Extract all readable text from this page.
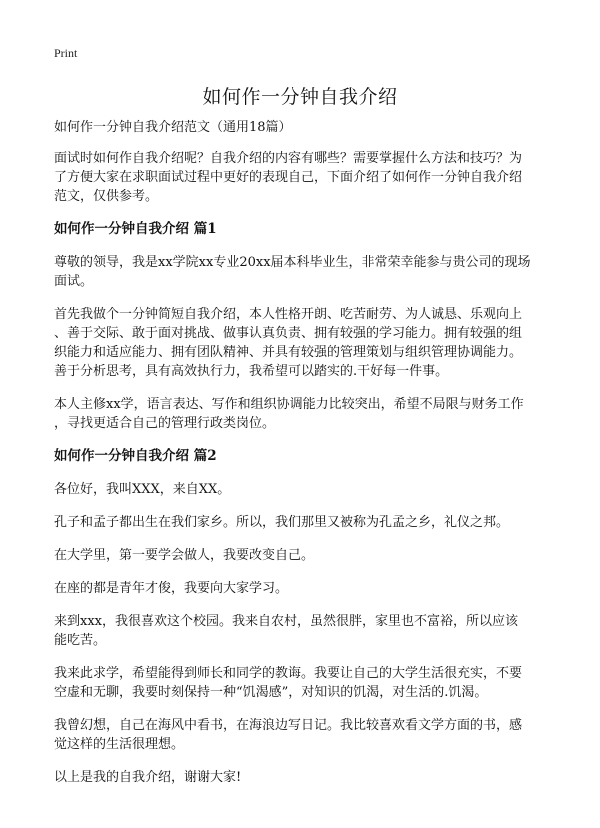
Print
如何作一分钟自我介绍
如何作一分钟自我介绍范文（通用18篇）
面试时如何作自我介绍呢？自我介绍的内容有哪些？需要掌握什么方法和技巧？为
了方便大家在求职面试过程中更好的表现自己，下面介绍了如何作一分钟自我介绍
范文，仅供参考。
如何作一分钟自我介绍 篇1
尊敬的领导，我是xx学院xx专业20xx届本科毕业生，非常荣幸能参与贵公司的现场
面试。
首先我做个一分钟简短自我介绍，本人性格开朗、吃苦耐劳、为人诚恳、乐观向上
、善于交际、敢于面对挑战、做事认真负责、拥有较强的学习能力。拥有较强的组
织能力和适应能力、拥有团队精神、并具有较强的管理策划与组织管理协调能力。
善于分析思考，具有高效执行力，我希望可以踏实的.干好每一件事。
本人主修xx学，语言表达、写作和组织协调能力比较突出，希望不局限与财务工作
，寻找更适合自己的管理行政类岗位。
如何作一分钟自我介绍 篇2
各位好，我叫XXX，来自XX。
孔子和孟子都出生在我们家乡。所以，我们那里又被称为孔孟之乡，礼仪之邦。
在大学里，第一要学会做人，我要改变自己。
在座的都是青年才俊，我要向大家学习。
来到xxx，我很喜欢这个校园。我来自农村，虽然很胖，家里也不富裕，所以应该
能吃苦。
我来此求学，希望能得到师长和同学的教诲。我要让自己的大学生活很充实，不要
空虚和无聊，我要时刻保持一种“饥渴感”，对知识的饥渴，对生活的.饥渴。
我曾幻想，自己在海风中看书，在海浪边写日记。我比较喜欢看文学方面的书，感
觉这样的生活很理想。
以上是我的自我介绍，谢谢大家!
